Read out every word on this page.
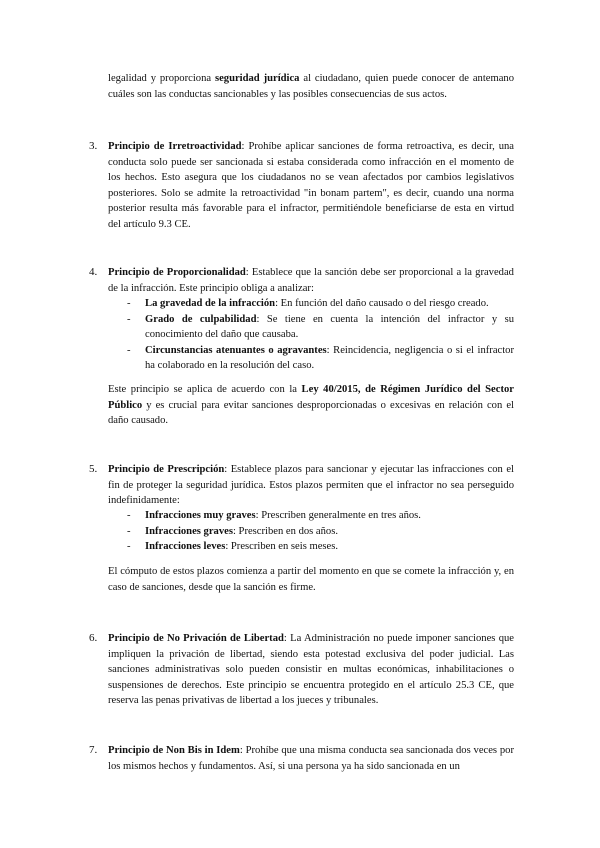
legalidad y proporciona seguridad jurídica al ciudadano, quien puede conocer de antemano cuáles son las conductas sancionables y las posibles consecuencias de sus actos.

3. Principio de Irretroactividad: Prohíbe aplicar sanciones de forma retroactiva, es decir, una conducta solo puede ser sancionada si estaba considerada como infracción en el momento de los hechos. Esto asegura que los ciudadanos no se vean afectados por cambios legislativos posteriores. Solo se admite la retroactividad "in bonam partem", es decir, cuando una norma posterior resulta más favorable para el infractor, permitiéndole beneficiarse de esta en virtud del artículo 9.3 CE.

4. Principio de Proporcionalidad: Establece que la sanción debe ser proporcional a la gravedad de la infracción. Este principio obliga a analizar:

- La gravedad de la infracción: En función del daño causado o del riesgo creado.
- Grado de culpabilidad: Se tiene en cuenta la intención del infractor y su conocimiento del daño que causaba.
- Circunstancias atenuantes o agravantes: Reincidencia, negligencia o si el infractor ha colaborado en la resolución del caso.

Este principio se aplica de acuerdo con la Ley 40/2015, de Régimen Jurídico del Sector Público y es crucial para evitar sanciones desproporcionadas o excesivas en relación con el daño causado.

5. Principio de Prescripción: Establece plazos para sancionar y ejecutar las infracciones con el fin de proteger la seguridad jurídica. Estos plazos permiten que el infractor no sea perseguido indefinidamente:

- Infracciones muy graves: Prescriben generalmente en tres años.
- Infracciones graves: Prescriben en dos años.
- Infracciones leves: Prescriben en seis meses.

El cómputo de estos plazos comienza a partir del momento en que se comete la infracción y, en caso de sanciones, desde que la sanción es firme.

6. Principio de No Privación de Libertad: La Administración no puede imponer sanciones que impliquen la privación de libertad, siendo esta potestad exclusiva del poder judicial. Las sanciones administrativas solo pueden consistir en multas económicas, inhabilitaciones o suspensiones de derechos. Este principio se encuentra protegido en el artículo 25.3 CE, que reserva las penas privativas de libertad a los jueces y tribunales.

7. Principio de Non Bis in Idem: Prohíbe que una misma conducta sea sancionada dos veces por los mismos hechos y fundamentos. Así, si una persona ya ha sido sancionada en un
